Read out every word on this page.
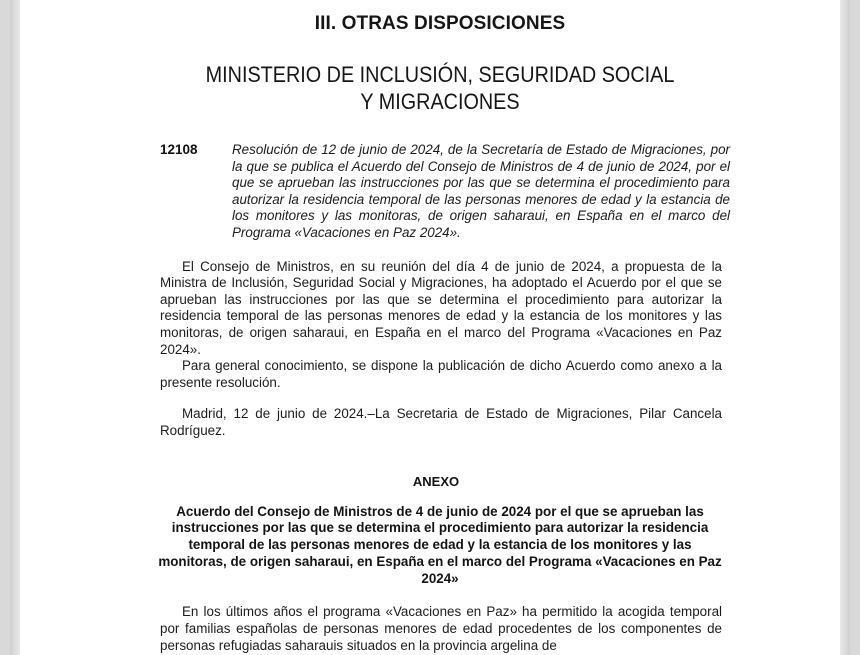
III. OTRAS DISPOSICIONES
MINISTERIO DE INCLUSIÓN, SEGURIDAD SOCIAL
Y MIGRACIONES
12108	Resolución de 12 de junio de 2024, de la Secretaría de Estado de Migraciones, por la que se publica el Acuerdo del Consejo de Ministros de 4 de junio de 2024, por el que se aprueban las instrucciones por las que se determina el procedimiento para autorizar la residencia temporal de las personas menores de edad y la estancia de los monitores y las monitoras, de origen saharaui, en España en el marco del Programa «Vacaciones en Paz 2024».

El Consejo de Ministros, en su reunión del día 4 de junio de 2024, a propuesta de la Ministra de Inclusión, Seguridad Social y Migraciones, ha adoptado el Acuerdo por el que se aprueban las instrucciones por las que se determina el procedimiento para autorizar la residencia temporal de las personas menores de edad y la estancia de los monitores y las monitoras, de origen saharaui, en España en el marco del Programa «Vacaciones en Paz 2024».

Para general conocimiento, se dispone la publicación de dicho Acuerdo como anexo a la presente resolución.

Madrid, 12 de junio de 2024.–La Secretaria de Estado de Migraciones, Pilar Cancela Rodríguez.

ANEXO
Acuerdo del Consejo de Ministros de 4 de junio de 2024 por el que se aprueban las instrucciones por las que se determina el procedimiento para autorizar la residencia temporal de las personas menores de edad y la estancia de los monitores y las monitoras, de origen saharaui, en España en el marco del Programa «Vacaciones en Paz 2024»

En los últimos años el programa «Vacaciones en Paz» ha permitido la acogida temporal por familias españolas de personas menores de edad procedentes de los componentes de personas refugiadas saharauis situados en la provincia argelina de
